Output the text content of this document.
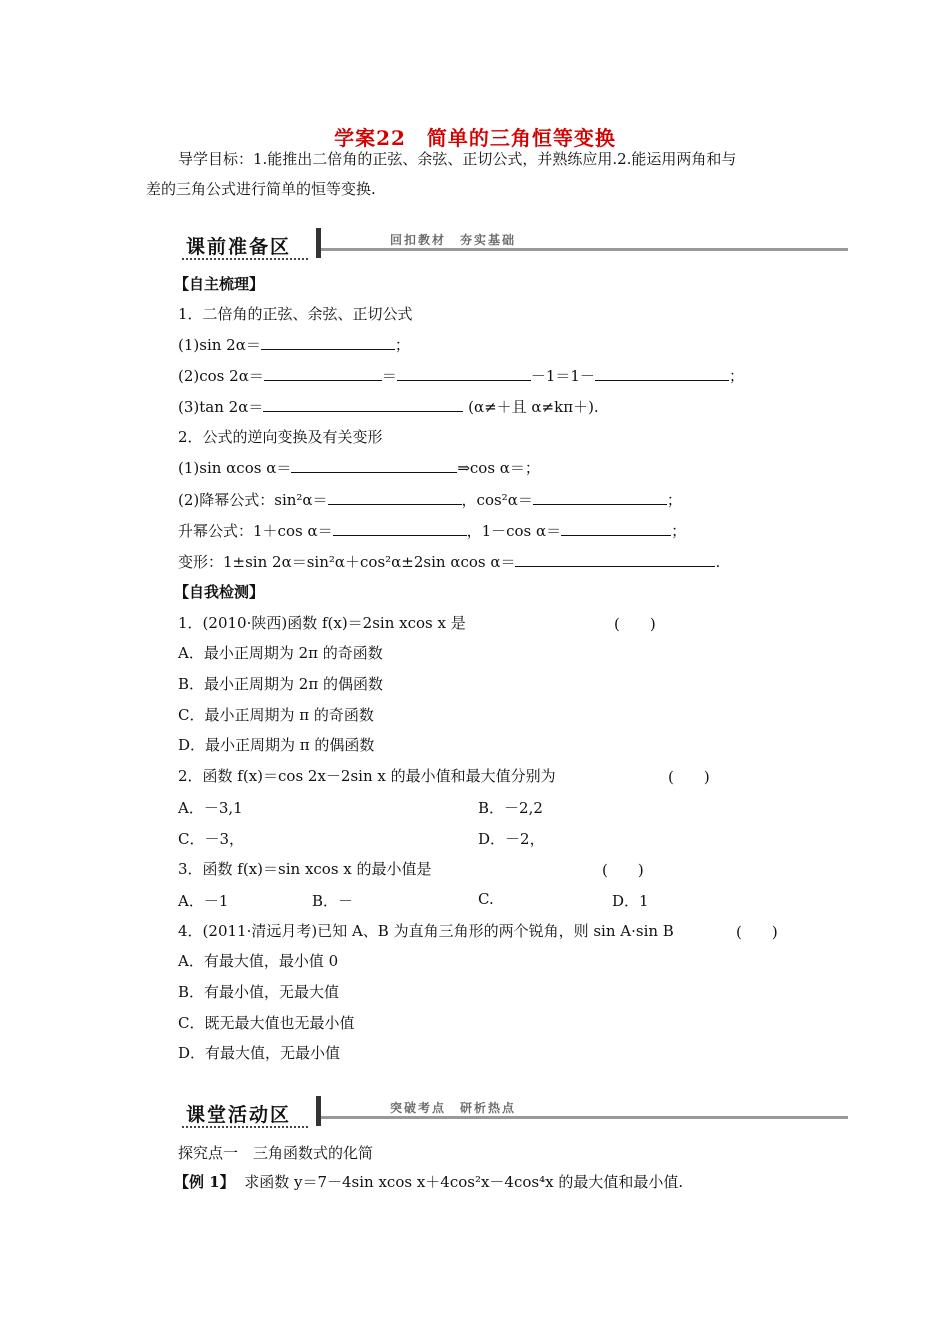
学案22　简单的三角恒等变换
导学目标：1.能推出二倍角的正弦、余弦、正切公式，并熟练应用.2.能运用两角和与
差的三角公式进行简单的恒等变换.
课前准备区	回扣教材　夯实基础
【自主梳理】
1．二倍角的正弦、余弦、正切公式
(1)sin 2α＝	；
(2)cos 2α＝	＝	－1＝1－	；
(3)tan 2α＝	(α≠＋且 α≠kπ＋).
2．公式的逆向变换及有关变形
(1)sin αcos α＝	⇒cos α＝；
(2)降幂公式：sin²α＝	，cos²α＝	；
升幂公式：1＋cos α＝	，1－cos α＝	；
变形：1±sin 2α＝sin²α＋cos²α±2sin αcos α＝	.
【自我检测】
1．(2010·陕西)函数 f(x)＝2sin xcos x 是	(　　)
A．最小正周期为 2π 的奇函数
B．最小正周期为 2π 的偶函数
C．最小正周期为 π 的奇函数
D．最小正周期为 π 的偶函数
2．函数 f(x)＝cos 2x－2sin x 的最小值和最大值分别为	(　　)
A．－3,1	B．－2,2
C．－3，	D．－2，
3．函数 f(x)＝sin xcos x 的最小值是	(　　)
A．－1	B．－	C.	D．1
4．(2011·清远月考)已知 A、B 为直角三角形的两个锐角，则 sin A·sin B	(　　)
A．有最大值，最小值 0
B．有最小值，无最大值
C．既无最大值也无最小值
D．有最大值，无最小值
课堂活动区	突破考点　研析热点
探究点一　三角函数式的化简
【例 1】 求函数 y＝7－4sin xcos x＋4cos²x－4cos⁴x 的最大值和最小值.
